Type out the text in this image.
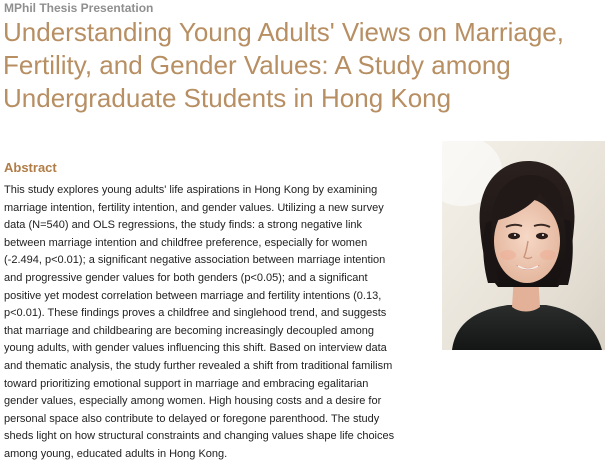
MPhil Thesis Presentation
Understanding Young Adults' Views on Marriage,
Fertility, and Gender Values: A Study among
Undergraduate Students in Hong Kong
Abstract

This study explores young adults' life aspirations in Hong Kong by examining
marriage intention, fertility intention, and gender values. Utilizing a new survey
data (N=540) and OLS regressions, the study finds: a strong negative link
between marriage intention and childfree preference, especially for women
(-2.494, p<0.01); a significant negative association between marriage intention
and progressive gender values for both genders (p<0.05); and a significant
positive yet modest correlation between marriage and fertility intentions (0.13,
p<0.01). These findings proves a childfree and singlehood trend, and suggests
that marriage and childbearing are becoming increasingly decoupled among
young adults, with gender values influencing this shift. Based on interview data
and thematic analysis, the study further revealed a shift from traditional familism
toward prioritizing emotional support in marriage and embracing egalitarian
gender values, especially among women. High housing costs and a desire for
personal space also contribute to delayed or foregone parenthood. The study
sheds light on how structural constraints and changing values shape life choices
among young, educated adults in Hong Kong.
